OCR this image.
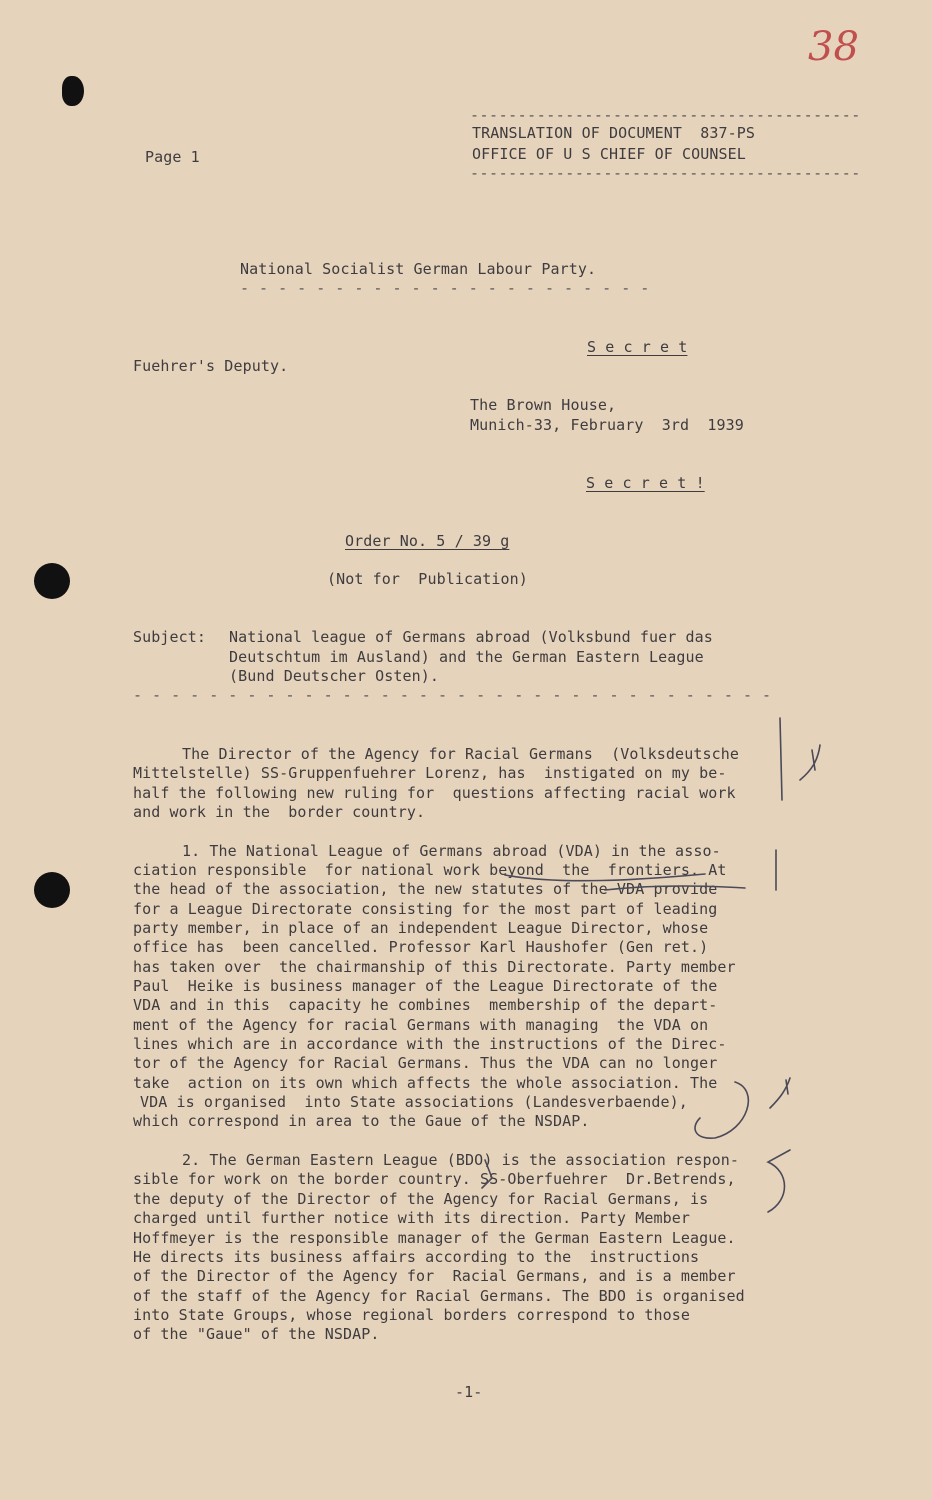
38
-----------------------------------------
TRANSLATION OF DOCUMENT  837-PS
OFFICE OF U S CHIEF OF COUNSEL
-----------------------------------------
Page 1
National Socialist German Labour Party.
- - - - - - - - - - - - - - - - - - - - - -
S e c r e t
Fuehrer's Deputy.
The Brown House,
Munich-33, February  3rd  1939
S e c r e t !
Order No. 5 / 39 g
(Not for  Publication)
Subject: National league of Germans abroad (Volksbund fuer das
Deutschtum im Ausland) and the German Eastern League
(Bund Deutscher Osten).
- - - - - - - - - - - - - - - - - - - - - - - - - - - - - - - - - -
The Director of the Agency for Racial Germans  (Volksdeutsche
Mittelstelle) SS-Gruppenfuehrer Lorenz, has  instigated on my be-
half the following new ruling for  questions affecting racial work
and work in the  border country.
1. The National League of Germans abroad (VDA) in the asso-
ciation responsible  for national work beyond  the  frontiers. At
the head of the association, the new statutes of the VDA provide
for a League Directorate consisting for the most part of leading
party member, in place of an independent League Director, whose
office has  been cancelled. Professor Karl Haushofer (Gen ret.)
has taken over  the chairmanship of this Directorate. Party member
Paul  Heike is business manager of the League Directorate of the
VDA and in this  capacity he combines  membership of the depart-
ment of the Agency for racial Germans with managing  the VDA on
lines which are in accordance with the instructions of the Direc-
tor of the Agency for Racial Germans. Thus the VDA can no longer
take  action on its own which affects the whole association. The
VDA is organised  into State associations (Landesverbaende),
which correspond in area to the Gaue of the NSDAP.
2. The German Eastern League (BDO) is the association respon-
sible for work on the border country. SS-Oberfuehrer  Dr.Betrends,
the deputy of the Director of the Agency for Racial Germans, is
charged until further notice with its direction. Party Member
Hoffmeyer is the responsible manager of the German Eastern League.
He directs its business affairs according to the  instructions
of the Director of the Agency for  Racial Germans, and is a member
of the staff of the Agency for Racial Germans. The BDO is organised
into State Groups, whose regional borders correspond to those
of the "Gaue" of the NSDAP.
-1-
